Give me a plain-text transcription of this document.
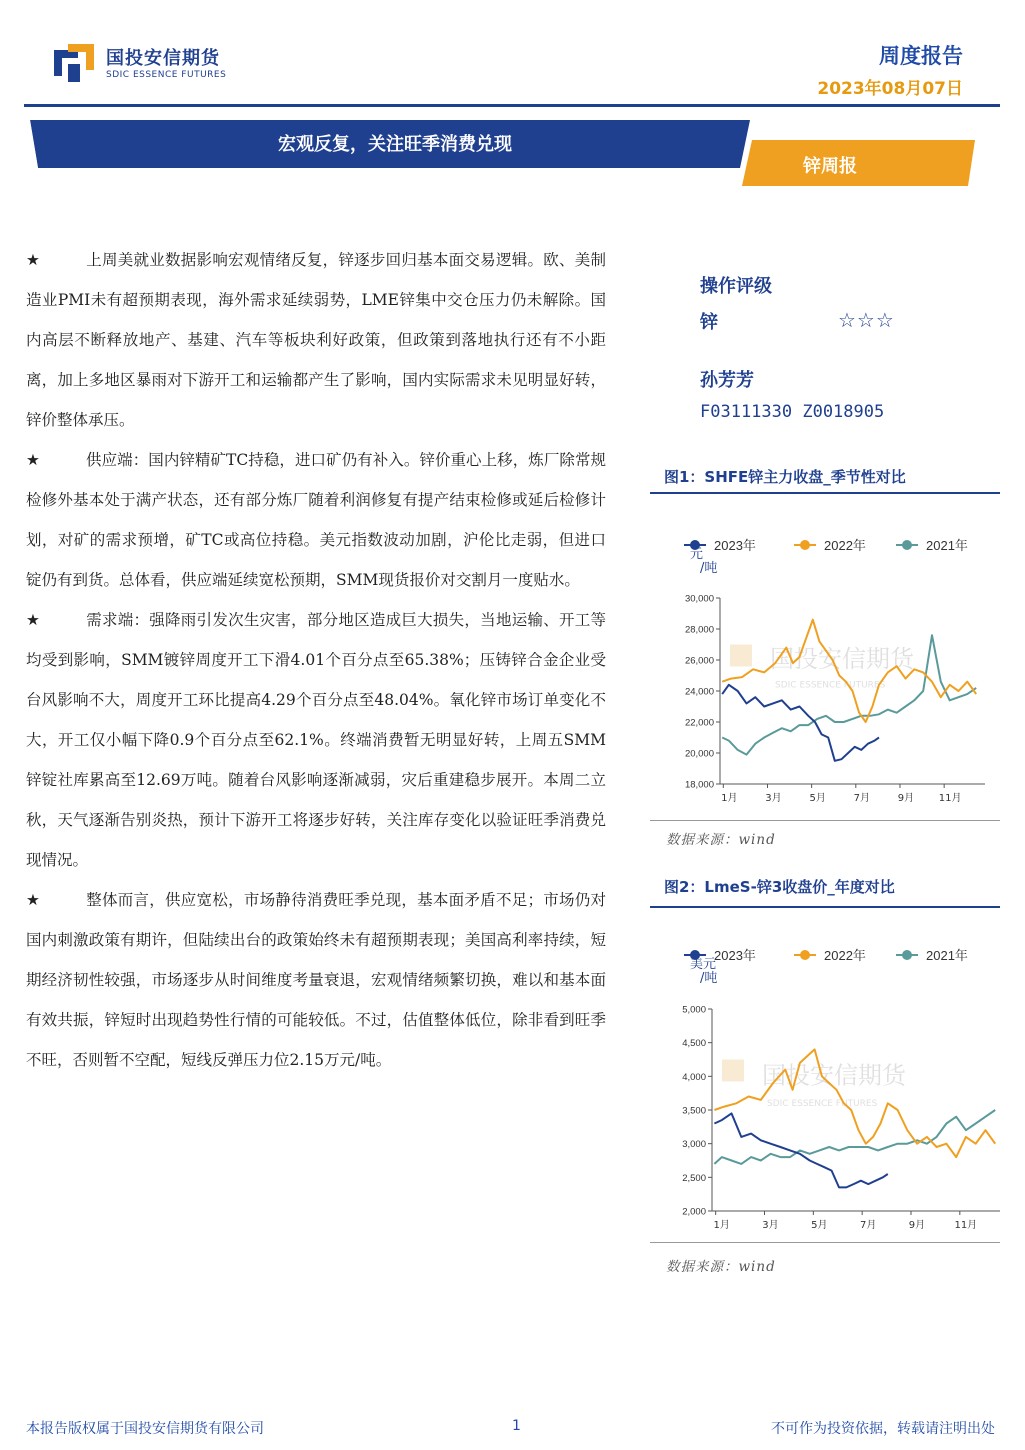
国投安信期货
SDIC ESSENCE FUTURES
周度报告
2023年08月07日
宏观反复，关注旺季消费兑现
锌周报

★	上周美就业数据影响宏观情绪反复，锌逐步回归基本面交易逻辑。欧、美制造业PMI未有超预期表现，海外需求延续弱势，LME锌集中交仓压力仍未解除。国内高层不断释放地产、基建、汽车等板块利好政策，但政策到落地执行还有不小距离，加上多地区暴雨对下游开工和运输都产生了影响，国内实际需求未见明显好转，锌价整体承压。

★	供应端：国内锌精矿TC持稳，进口矿仍有补入。锌价重心上移，炼厂除常规检修外基本处于满产状态，还有部分炼厂随着利润修复有提产结束检修或延后检修计划，对矿的需求预增，矿TC或高位持稳。美元指数波动加剧，沪伦比走弱，但进口锭仍有到货。总体看，供应端延续宽松预期，SMM现货报价对交割月一度贴水。

★	需求端：强降雨引发次生灾害，部分地区造成巨大损失，当地运输、开工等均受到影响，SMM镀锌周度开工下滑4.01个百分点至65.38%；压铸锌合金企业受台风影响不大，周度开工环比提高4.29个百分点至48.04%。氧化锌市场订单变化不大，开工仅小幅下降0.9个百分点至62.1%。终端消费暂无明显好转，上周五SMM锌锭社库累高至12.69万吨。随着台风影响逐渐减弱，灾后重建稳步展开。本周二立秋，天气逐渐告别炎热，预计下游开工将逐步好转，关注库存变化以验证旺季消费兑现情况。

★	整体而言，供应宽松，市场静待消费旺季兑现，基本面矛盾不足；市场仍对国内刺激政策有期许，但陆续出台的政策始终未有超预期表现；美国高利率持续，短期经济韧性较强，市场逐步从时间维度考量衰退，宏观情绪频繁切换，难以和基本面有效共振，锌短时出现趋势性行情的可能较低。不过，估值整体低位，除非看到旺季不旺，否则暂不空配，短线反弹压力位2.15万元/吨。

操作评级
锌	☆☆☆
孙芳芳
F03111330 Z0018905
图1：SHFE锌主力收盘_季节性对比
2023年	2022年	2021年
元
/吨
国投安信期货
SDIC ESSENCE FUTURES
18,000
20,000
22,000
24,000
26,000
28,000
30,000
1月	3月	5月	7月	9月 11月
数据来源：wind
图2：LmeS-锌3收盘价_年度对比
2023年	2022年	2021年
美元
/吨
国投安信期货
SDIC ESSENCE FUTURES
2,000
2,500
3,000
3,500
4,000
4,500
5,000
1月	3月	5月	7月	9月	11月
数据来源：wind
本报告版权属于国投安信期货有限公司	1	不可作为投资依据，转载请注明出处
